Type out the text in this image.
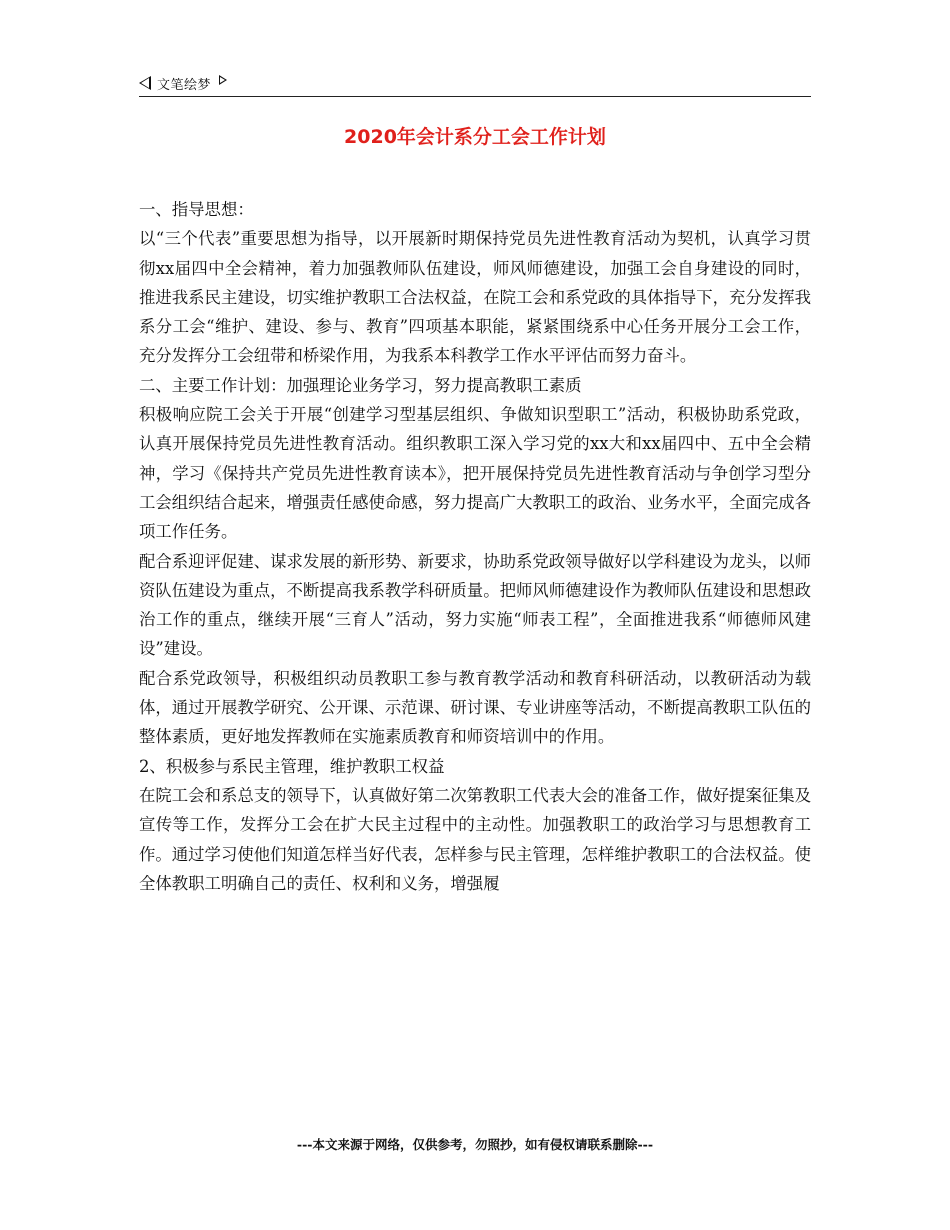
文笔绘梦
2020年会计系分工会工作计划

一、指导思想：

以“三个代表”重要思想为指导，以开展新时期保持党员先进性教育活动为契机，认真学习贯彻xx届四中全会精神，着力加强教师队伍建设，师风师德建设，加强工会自身建设的同时，推进我系民主建设，切实维护教职工合法权益，在院工会和系党政的具体指导下，充分发挥我系分工会“维护、建设、参与、教育”四项基本职能，紧紧围绕系中心任务开展分工会工作，充分发挥分工会纽带和桥梁作用，为我系本科教学工作水平评估而努力奋斗。

二、主要工作计划：加强理论业务学习，努力提高教职工素质

积极响应院工会关于开展“创建学习型基层组织、争做知识型职工”活动，积极协助系党政，认真开展保持党员先进性教育活动。组织教职工深入学习党的xx大和xx届四中、五中全会精神，学习《保持共产党员先进性教育读本》，把开展保持党员先进性教育活动与争创学习型分工会组织结合起来，增强责任感使命感，努力提高广大教职工的政治、业务水平，全面完成各项工作任务。

配合系迎评促建、谋求发展的新形势、新要求，协助系党政领导做好以学科建设为龙头，以师资队伍建设为重点，不断提高我系教学科研质量。把师风师德建设作为教师队伍建设和思想政治工作的重点，继续开展“三育人”活动，努力实施“师表工程”，全面推进我系“师德师风建设”建设。

配合系党政领导，积极组织动员教职工参与教育教学活动和教育科研活动，以教研活动为载体，通过开展教学研究、公开课、示范课、研讨课、专业讲座等活动，不断提高教职工队伍的整体素质，更好地发挥教师在实施素质教育和师资培训中的作用。

2、积极参与系民主管理，维护教职工权益

在院工会和系总支的领导下，认真做好第二次第教职工代表大会的准备工作，做好提案征集及宣传等工作，发挥分工会在扩大民主过程中的主动性。加强教职工的政治学习与思想教育工作。通过学习使他们知道怎样当好代表，怎样参与民主管理，怎样维护教职工的合法权益。使全体教职工明确自己的责任、权利和义务，增强履

---本文来源于网络，仅供参考，勿照抄，如有侵权请联系删除---
